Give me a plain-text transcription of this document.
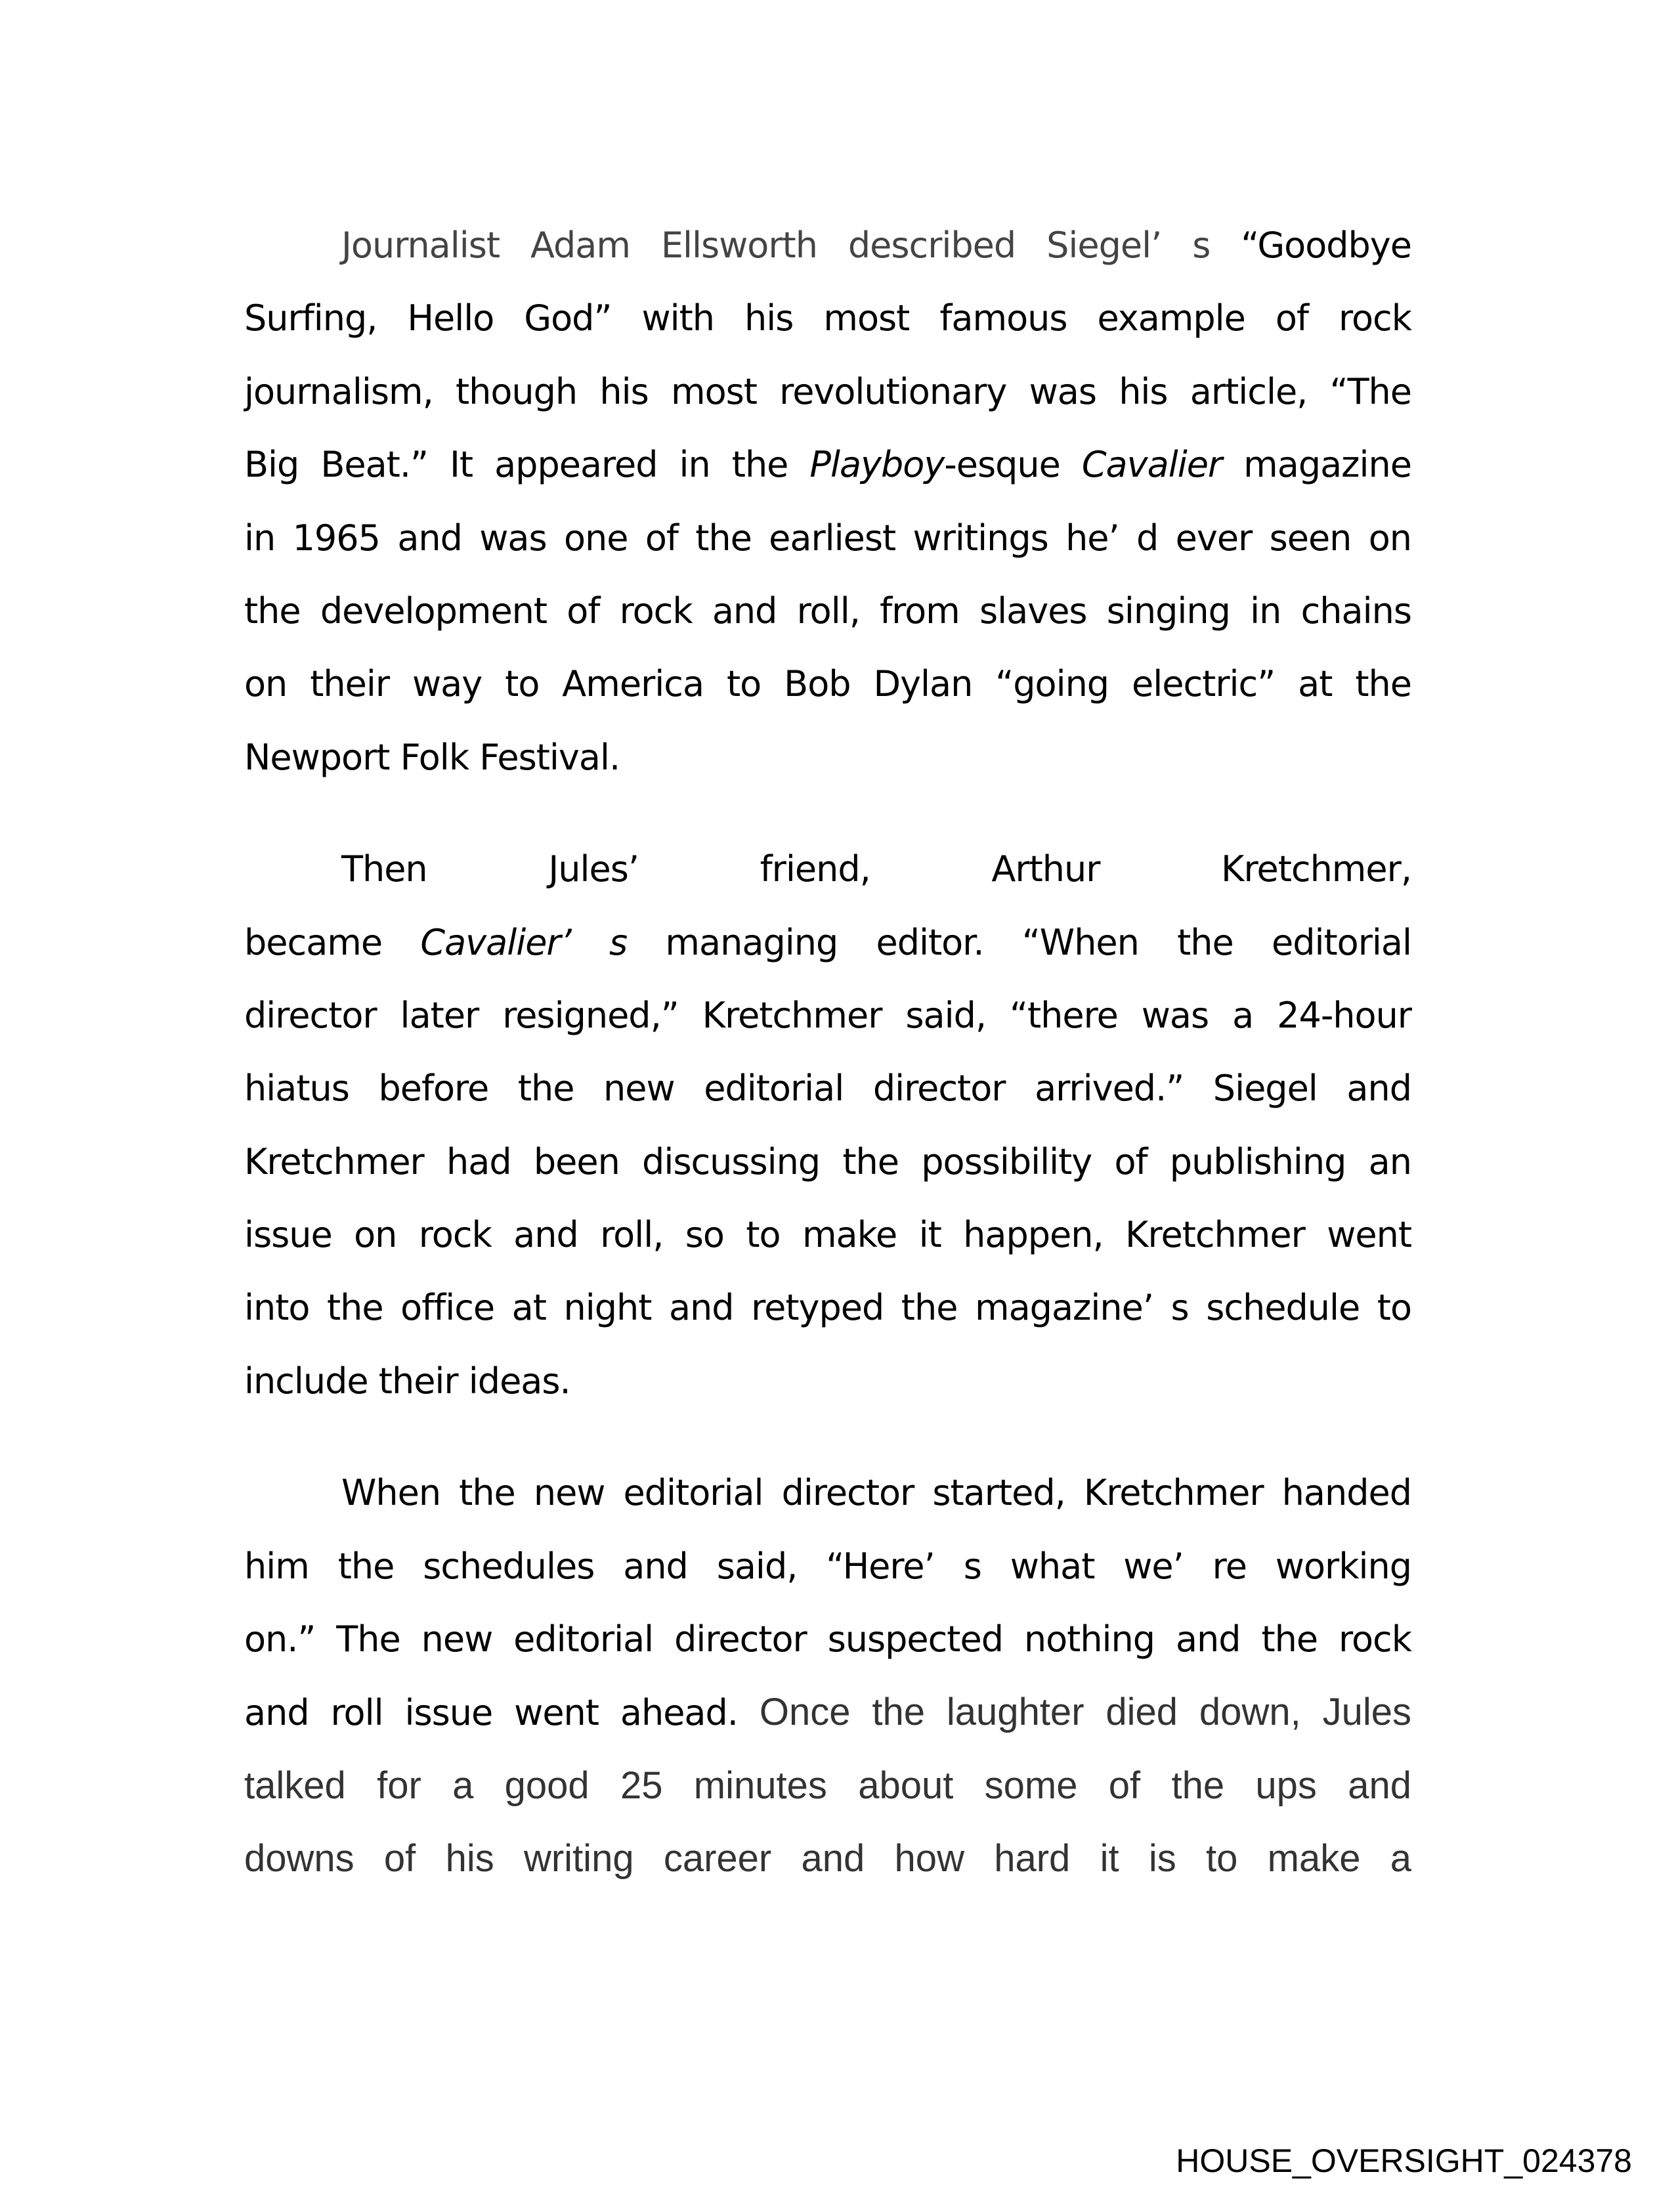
Journalist Adam Ellsworth described Siegel’ s “Goodbye
Surfing, Hello God” with his most famous example of rock
journalism, though his most revolutionary was his article, “The
Big Beat.” It appeared in the Playboy-esque Cavalier magazine
in 1965 and was one of the earliest writings he’ d ever seen on
the development of rock and roll, from slaves singing in chains
on their way to America to Bob Dylan “going electric” at the
Newport Folk Festival.
Then Jules’ friend, Arthur Kretchmer,
became Cavalier’ s managing editor. “When the editorial
director later resigned,” Kretchmer said, “there was a 24-hour
hiatus before the new editorial director arrived.” Siegel and
Kretchmer had been discussing the possibility of publishing an
issue on rock and roll, so to make it happen, Kretchmer went
into the office at night and retyped the magazine’ s schedule to
include their ideas.
When the new editorial director started, Kretchmer handed
him the schedules and said, “Here’ s what we’ re working
on.” The new editorial director suspected nothing and the rock
and roll issue went ahead. Once the laughter died down, Jules
talked for a good 25 minutes about some of the ups and
downs of his writing career and how hard it is to make a
HOUSE_OVERSIGHT_024378
